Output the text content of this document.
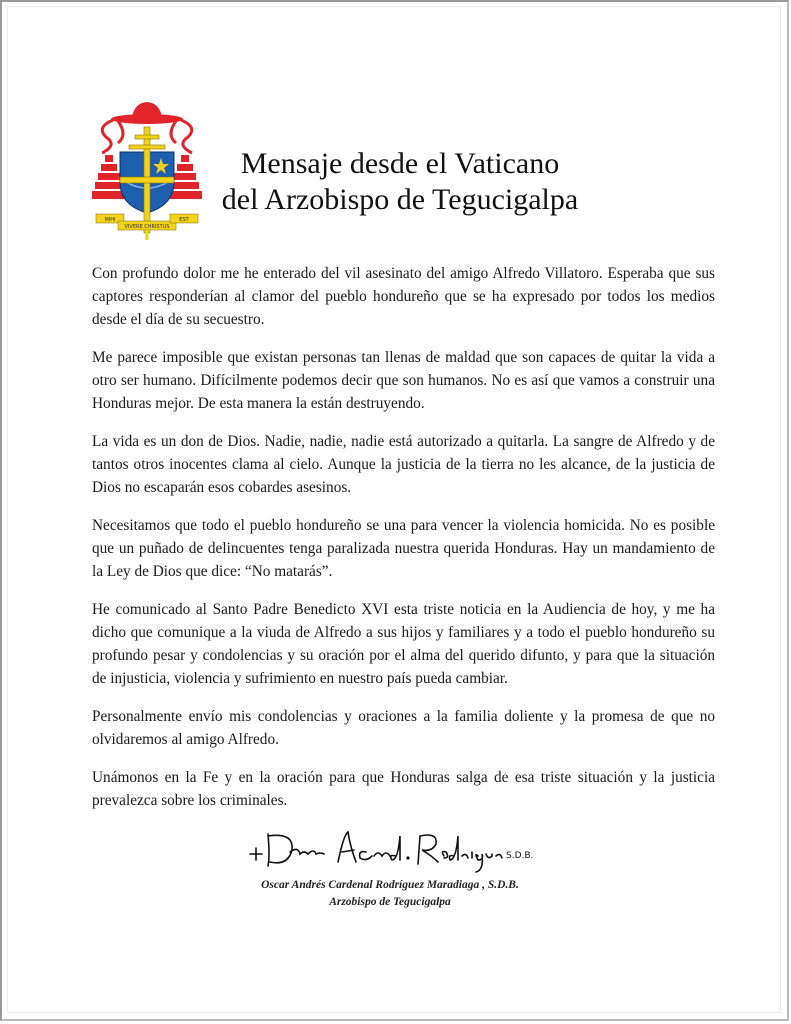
MIHI
VIVERE CHRISTUS
EST
Mensaje desde el Vaticano
del Arzobispo de Tegucigalpa

Con profundo dolor me he enterado del vil asesinato del amigo Alfredo Villatoro. Esperaba que sus captores responderían al clamor del pueblo hondureño que se ha expresado por todos los medios desde el día de su secuestro.

Me parece imposible que existan personas tan llenas de maldad que son capaces de quitar la vida a otro ser humano. Difícilmente podemos decir que son humanos. No es así que vamos a construir una Honduras mejor. De esta manera la están destruyendo.

La vida es un don de Dios. Nadie, nadie, nadie está autorizado a quitarla. La sangre de Alfredo y de tantos otros inocentes clama al cielo. Aunque la justicia de la tierra no les alcance, de la justicia de Dios no escaparán esos cobardes asesinos.

Necesitamos que todo el pueblo hondureño se una para vencer la violencia homicida. No es posible que un puñado de delincuentes tenga paralizada nuestra querida Honduras. Hay un mandamiento de la Ley de Dios que dice: “No matarás”.

He comunicado al Santo Padre Benedicto XVI esta triste noticia en la Audiencia de hoy, y me ha dicho que comunique a la viuda de Alfredo a sus hijos y familiares y a todo el pueblo hondureño su profundo pesar y condolencias y su oración por el alma del querido difunto, y para que la situación de injusticia, violencia y sufrimiento en nuestro país pueda cambiar.

Personalmente envío mis condolencias y oraciones a la familia doliente y la promesa de que no olvidaremos al amigo Alfredo.

Unámonos en la Fe y en la oración para que Honduras salga de esa triste situación y la justicia prevalezca sobre los criminales.

S.D.B.
Oscar Andrés Cardenal Rodríguez Maradiaga , S.D.B.
Arzobispo de Tegucigalpa
